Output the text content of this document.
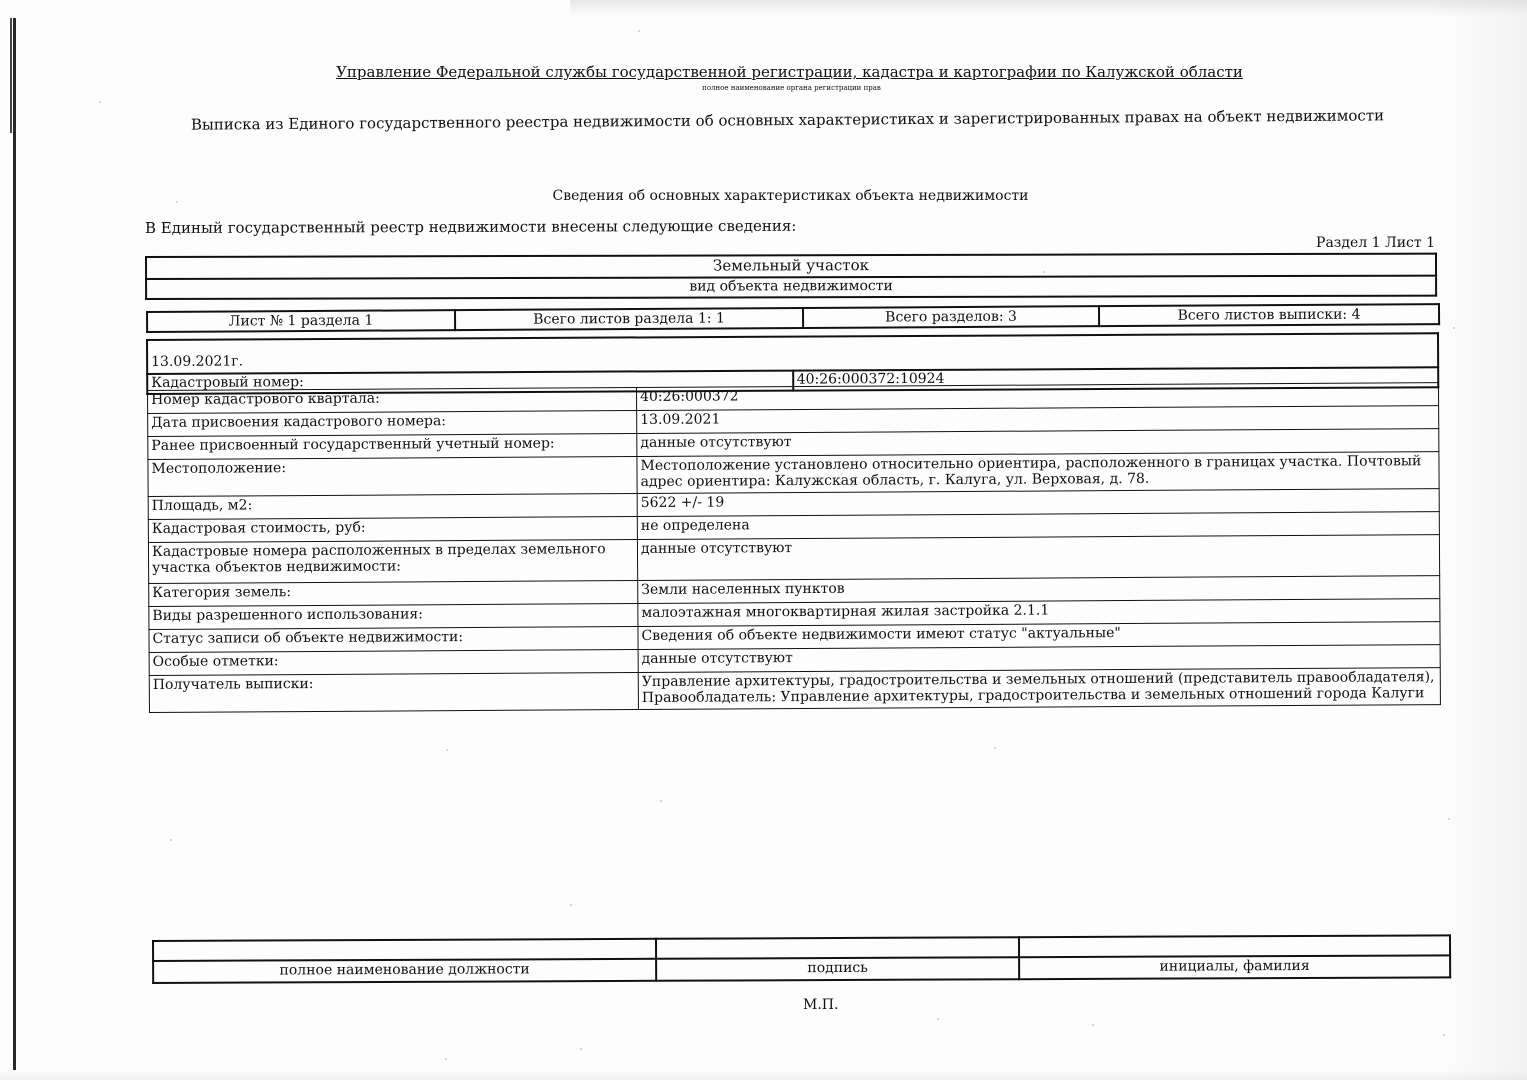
Управление Федеральной службы государственной регистрации, кадастра и картографии по Калужской области
полное наименование органа регистрации прав
Выписка из Единого государственного реестра недвижимости об основных характеристиках и зарегистрированных правах на объект недвижимости
Сведения об основных характеристиках объекта недвижимости
В Единый государственный реестр недвижимости внесены следующие сведения:
Раздел 1 Лист 1
Земельный участок
вид объекта недвижимости
Лист № 1 раздела 1	Всего листов раздела 1: 1	Всего разделов: 3	Всего листов выписки: 4
13.09.2021г.
Кадастровый номер:	40:26:000372:10924
Номер кадастрового квартала:	40:26:000372
Дата присвоения кадастрового номера:	13.09.2021
Ранее присвоенный государственный учетный номер:	данные отсутствуют
Местоположение:	Местоположение установлено относительно ориентира, расположенного в границах участка. Почтовый адрес ориентира: Калужская область, г. Калуга, ул. Верховая, д. 78.
Площадь, м2:	5622 +/- 19
Кадастровая стоимость, руб:	не определена
Кадастровые номера расположенных в пределах земельного участка объектов недвижимости:	данные отсутствуют
Категория земель:	Земли населенных пунктов
Виды разрешенного использования:	малоэтажная многоквартирная жилая застройка 2.1.1
Статус записи об объекте недвижимости:	Сведения об объекте недвижимости имеют статус "актуальные"
Особые отметки:	данные отсутствуют
Получатель выписки:	Управление архитектуры, градостроительства и земельных отношений (представитель правообладателя), Правообладатель: Управление архитектуры, градостроительства и земельных отношений города Калуги

полное наименование должности	подпись	инициалы, фамилия
М.П.
